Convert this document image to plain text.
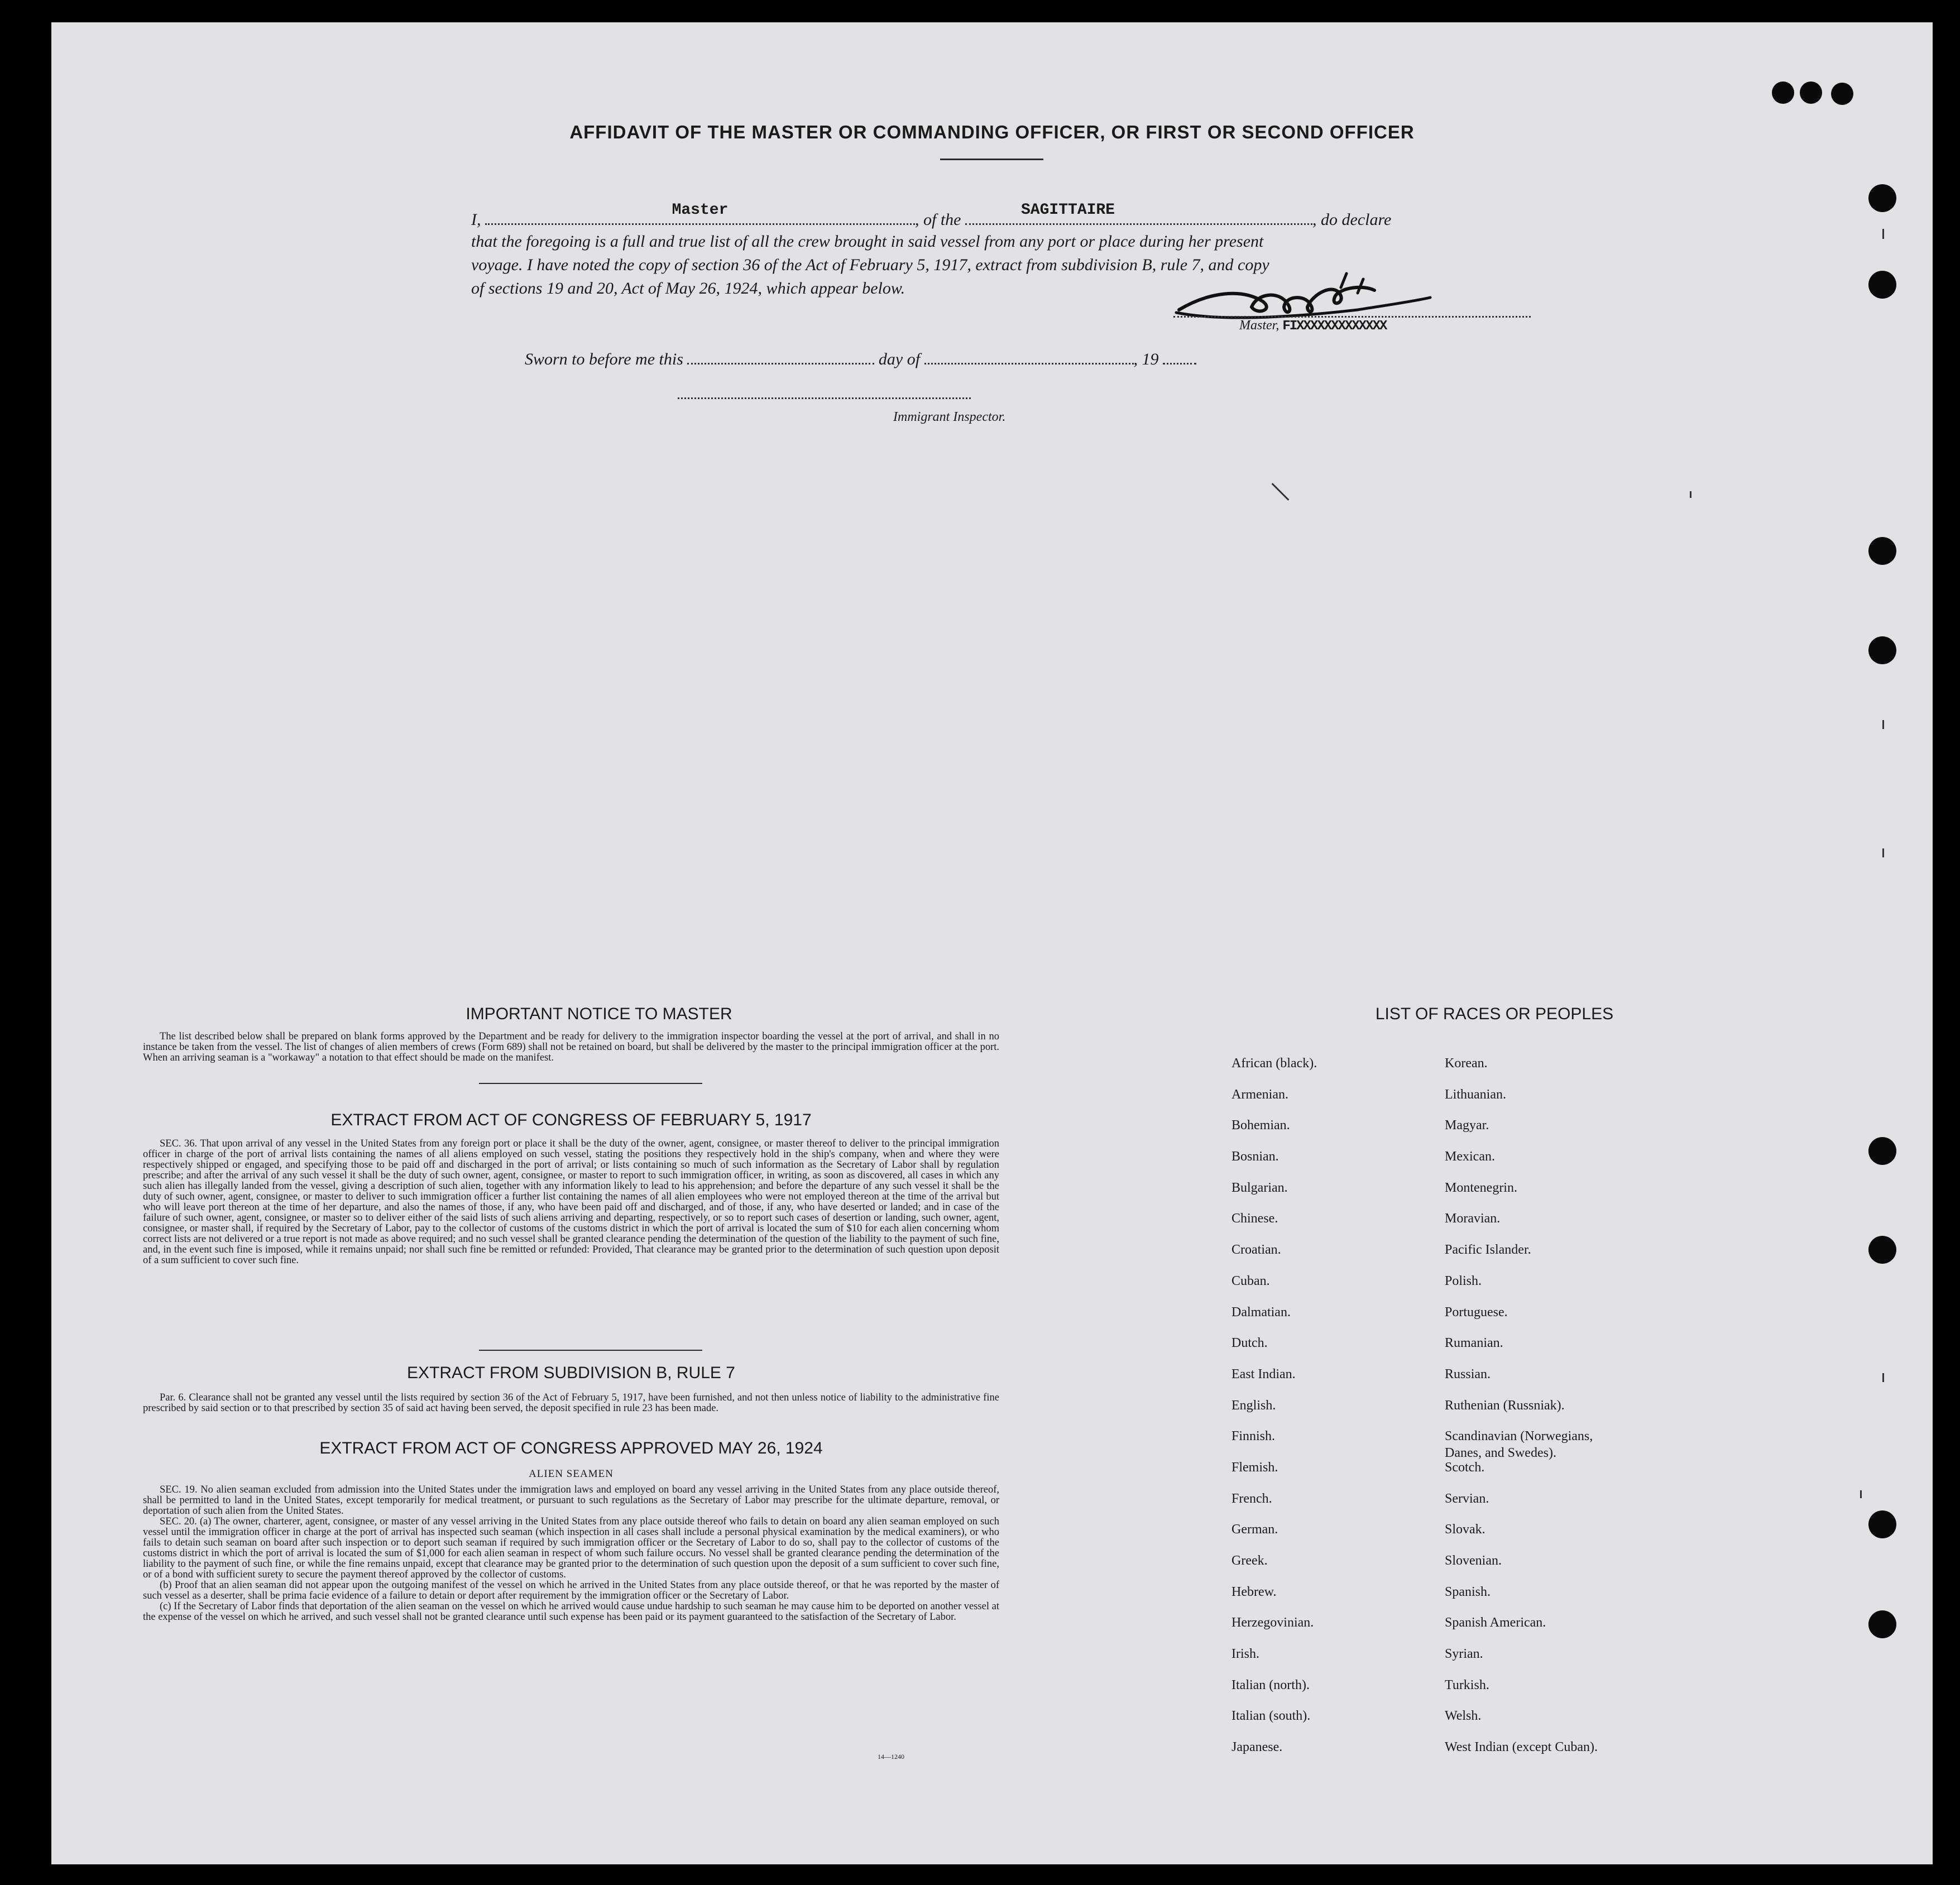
AFFIDAVIT OF THE MASTER OR COMMANDING OFFICER, OR FIRST OR SECOND OFFICER
I,
Master
, of the
SAGITTAIRE
, do declare
that the foregoing is a full and true list of all the crew brought in said vessel from any port or place during her present
voyage. I have noted the copy of section 36 of the Act of February 5, 1917, extract from subdivision B, rule 7, and copy
of sections 19 and 20, Act of May 26, 1924, which appear below.
Master, FIXXXXXXXXXXXXX
Sworn to before me this	day of	, 19
Immigrant Inspector.
IMPORTANT NOTICE TO MASTER

The list described below shall be prepared on blank forms approved by the Department and be ready for delivery to the immigration inspector boarding the vessel at the port of arrival, and shall in no instance be taken from the vessel. The list of changes of alien members of crews (Form 689) shall not be retained on board, but shall be delivered by the master to the principal immigration officer at the port. When an arriving seaman is a "workaway" a notation to that effect should be made on the manifest.

EXTRACT FROM ACT OF CONGRESS OF FEBRUARY 5, 1917

SEC. 36. That upon arrival of any vessel in the United States from any foreign port or place it shall be the duty of the owner, agent, consignee, or master thereof to deliver to the principal immigration officer in charge of the port of arrival lists containing the names of all aliens employed on such vessel, stating the positions they respectively hold in the ship's company, when and where they were respectively shipped or engaged, and specifying those to be paid off and discharged in the port of arrival; or lists containing so much of such information as the Secretary of Labor shall by regulation prescribe; and after the arrival of any such vessel it shall be the duty of such owner, agent, consignee, or master to report to such immigration officer, in writing, as soon as discovered, all cases in which any such alien has illegally landed from the vessel, giving a description of such alien, together with any information likely to lead to his apprehension; and before the departure of any such vessel it shall be the duty of such owner, agent, consignee, or master to deliver to such immigration officer a further list containing the names of all alien employees who were not employed thereon at the time of the arrival but who will leave port thereon at the time of her departure, and also the names of those, if any, who have been paid off and discharged, and of those, if any, who have deserted or landed; and in case of the failure of such owner, agent, consignee, or master so to deliver either of the said lists of such aliens arriving and departing, respectively, or so to report such cases of desertion or landing, such owner, agent, consignee, or master shall, if required by the Secretary of Labor, pay to the collector of customs of the customs district in which the port of arrival is located the sum of $10 for each alien concerning whom correct lists are not delivered or a true report is not made as above required; and no such vessel shall be granted clearance pending the determination of the question of the liability to the payment of such fine, and, in the event such fine is imposed, while it remains unpaid; nor shall such fine be remitted or refunded: Provided, That clearance may be granted prior to the determination of such question upon deposit of a sum sufficient to cover such fine.

EXTRACT FROM SUBDIVISION B, RULE 7

Par. 6. Clearance shall not be granted any vessel until the lists required by section 36 of the Act of February 5, 1917, have been furnished, and not then unless notice of liability to the administrative fine prescribed by said section or to that prescribed by section 35 of said act having been served, the deposit specified in rule 23 has been made.

EXTRACT FROM ACT OF CONGRESS APPROVED MAY 26, 1924
ALIEN SEAMEN

SEC. 19. No alien seaman excluded from admission into the United States under the immigration laws and employed on board any vessel arriving in the United States from any place outside thereof, shall be permitted to land in the United States, except temporarily for medical treatment, or pursuant to such regulations as the Secretary of Labor may prescribe for the ultimate departure, removal, or deportation of such alien from the United States.

SEC. 20. (a) The owner, charterer, agent, consignee, or master of any vessel arriving in the United States from any place outside thereof who fails to detain on board any alien seaman employed on such vessel until the immigration officer in charge at the port of arrival has inspected such seaman (which inspection in all cases shall include a personal physical examination by the medical examiners), or who fails to detain such seaman on board after such inspection or to deport such seaman if required by such immigration officer or the Secretary of Labor to do so, shall pay to the collector of customs of the customs district in which the port of arrival is located the sum of $1,000 for each alien seaman in respect of whom such failure occurs. No vessel shall be granted clearance pending the determination of the liability to the payment of such fine, or while the fine remains unpaid, except that clearance may be granted prior to the determination of such question upon the deposit of a sum sufficient to cover such fine, or of a bond with sufficient surety to secure the payment thereof approved by the collector of customs.

(b) Proof that an alien seaman did not appear upon the outgoing manifest of the vessel on which he arrived in the United States from any place outside thereof, or that he was reported by the master of such vessel as a deserter, shall be prima facie evidence of a failure to detain or deport after requirement by the immigration officer or the Secretary of Labor.

(c) If the Secretary of Labor finds that deportation of the alien seaman on the vessel on which he arrived would cause undue hardship to such seaman he may cause him to be deported on another vessel at the expense of the vessel on which he arrived, and such vessel shall not be granted clearance until such expense has been paid or its payment guaranteed to the satisfaction of the Secretary of Labor.

14—1240
LIST OF RACES OR PEOPLES
African (black).
Armenian.
Bohemian.
Bosnian.
Bulgarian.
Chinese.
Croatian.
Cuban.
Dalmatian.
Dutch.
East Indian.
English.
Finnish.
Flemish.
French.
German.
Greek.
Hebrew.
Herzegovinian.
Irish.
Italian (north).
Italian (south).
Japanese.
Korean.
Lithuanian.
Magyar.
Mexican.
Montenegrin.
Moravian.
Pacific Islander.
Polish.
Portuguese.
Rumanian.
Russian.
Ruthenian (Russniak).
Scandinavian (Norwegians,
Danes, and Swedes).
Scotch.
Servian.
Slovak.
Slovenian.
Spanish.
Spanish American.
Syrian.
Turkish.
Welsh.
West Indian (except Cuban).
